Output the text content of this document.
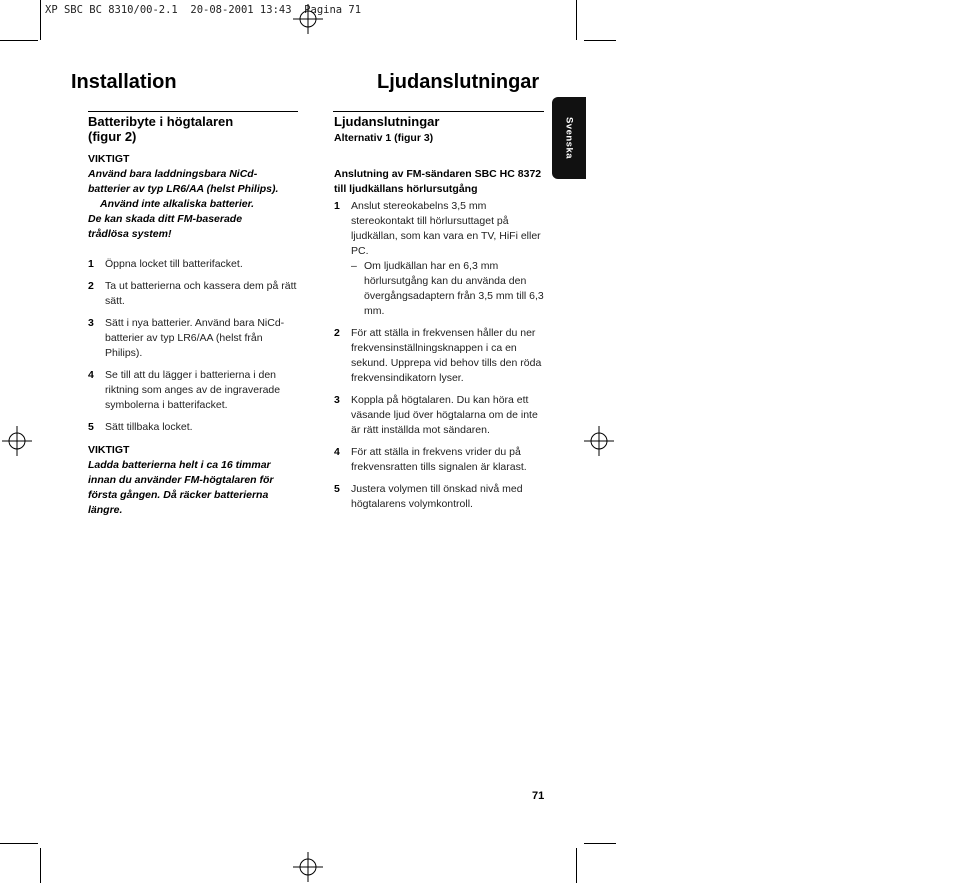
XP SBC BC 8310/00-2.1  20-08-2001 13:43  Pagina 71
Installation	Ljudanslutningar
Svenska
Batteribyte i högtalaren
(figur 2)
VIKTIGT
Använd bara laddningsbara NiCd-
batterier av typ LR6/AA (helst Philips).
Använd inte alkaliska batterier.
De kan skada ditt FM-baserade
trådlösa system!
1	Öppna locket till batterifacket.
2	Ta ut batterierna och kassera dem på rätt sätt.
3	Sätt i nya batterier. Använd bara NiCd-batterier av typ LR6/AA (helst från Philips).
4	Se till att du lägger i batterierna i den riktning som anges av de ingraverade symbolerna i batterifacket.
5	Sätt tillbaka locket.
VIKTIGT
Ladda batterierna helt i ca 16 timmar innan du använder FM-högtalaren för första gången. Då räcker batterierna längre.
Ljudanslutningar
Alternativ 1 (figur 3)
Anslutning av FM-sändaren SBC HC 8372 till ljudkällans hörlursutgång
1	Anslut stereokabelns 3,5 mm stereokontakt till hörlursuttaget på ljudkällan, som kan vara en TV, HiFi eller PC.
– Om ljudkällan har en 6,3 mm hörlursutgång kan du använda den övergångsadaptern från 3,5 mm till 6,3 mm.
2	För att ställa in frekvensen håller du ner frekvensinställningsknappen i ca en sekund. Upprepa vid behov tills den röda frekvensindikatorn lyser.
3	Koppla på högtalaren. Du kan höra ett väsande ljud över högtalarna om de inte är rätt inställda mot sändaren.
4	För att ställa in frekvens vrider du på frekvensratten tills signalen är klarast.
5	Justera volymen till önskad nivå med högtalarens volymkontroll.
71
